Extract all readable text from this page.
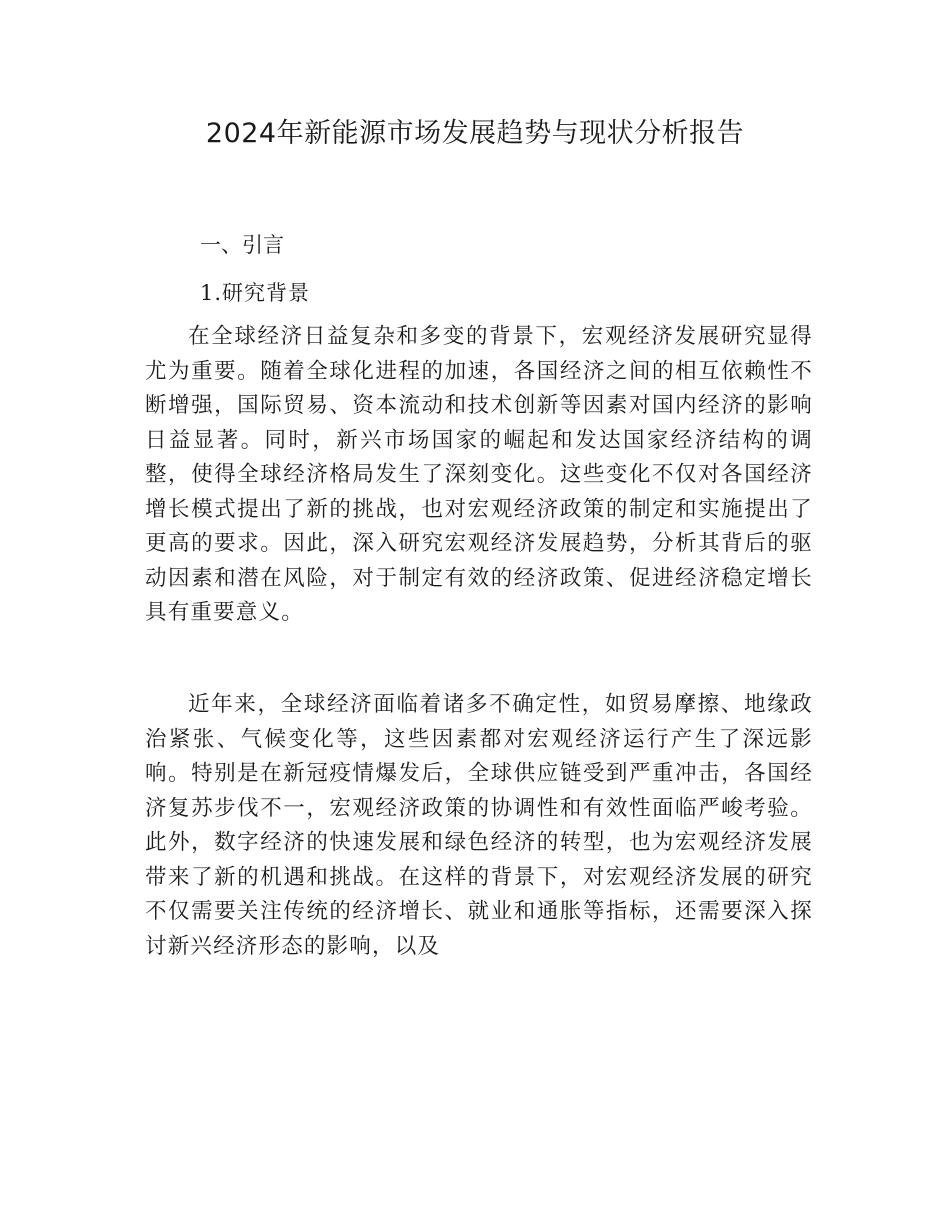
2024年新能源市场发展趋势与现状分析报告
一、引言
1.研究背景

在全球经济日益复杂和多变的背景下，宏观经济发展研究显得尤为重要。随着全球化进程的加速，各国经济之间的相互依赖性不断增强，国际贸易、资本流动和技术创新等因素对国内经济的影响日益显著。同时，新兴市场国家的崛起和发达国家经济结构的调整，使得全球经济格局发生了深刻变化。这些变化不仅对各国经济增长模式提出了新的挑战，也对宏观经济政策的制定和实施提出了更高的要求。因此，深入研究宏观经济发展趋势，分析其背后的驱动因素和潜在风险，对于制定有效的经济政策、促进经济稳定增长具有重要意义。

近年来，全球经济面临着诸多不确定性，如贸易摩擦、地缘政治紧张、气候变化等，这些因素都对宏观经济运行产生了深远影响。特别是在新冠疫情爆发后，全球供应链受到严重冲击，各国经济复苏步伐不一，宏观经济政策的协调性和有效性面临严峻考验。此外，数字经济的快速发展和绿色经济的转型，也为宏观经济发展带来了新的机遇和挑战。在这样的背景下，对宏观经济发展的研究不仅需要关注传统的经济增长、就业和通胀等指标，还需要深入探讨新兴经济形态的影响，以及
